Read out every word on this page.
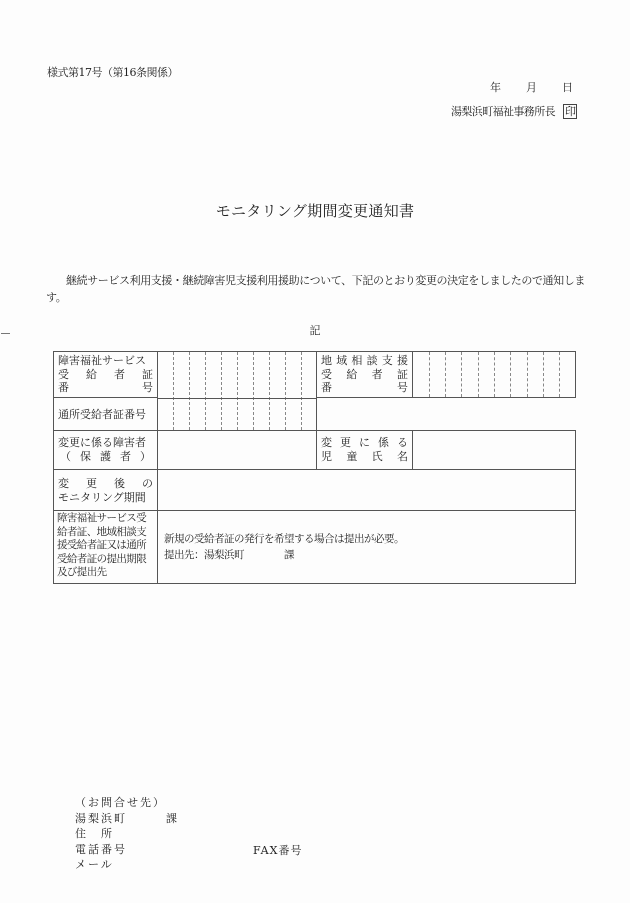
様式第17号（第16条関係）
年 月 日
湯梨浜町福祉事務所長 印
モニタリング期間変更通知書
継続サービス利用支援・継続障害児支援利用援助について、下記のとおり変更の決定をしましたので通知します。
記
障害福祉サービス
受 給 者 証
番	号
地 域 相 談 支 援
受 給 者 証
番	号
通所受給者証番号
変更に係る障害者
（ 保 護 者 ）
変 更 に 係 る
児 童 氏 名
変 更 後 の
モニタリング期間
障害福祉サービス受給者証、地域相談支援受給者証又は通所受給者証の提出期限及び提出先
新規の受給者証の発行を希望する場合は提出が必要。
提出先：湯梨浜町　　　　課
（お問合せ先）
湯梨浜町　　　課
住　所
電話番号
メール
FAX番号
